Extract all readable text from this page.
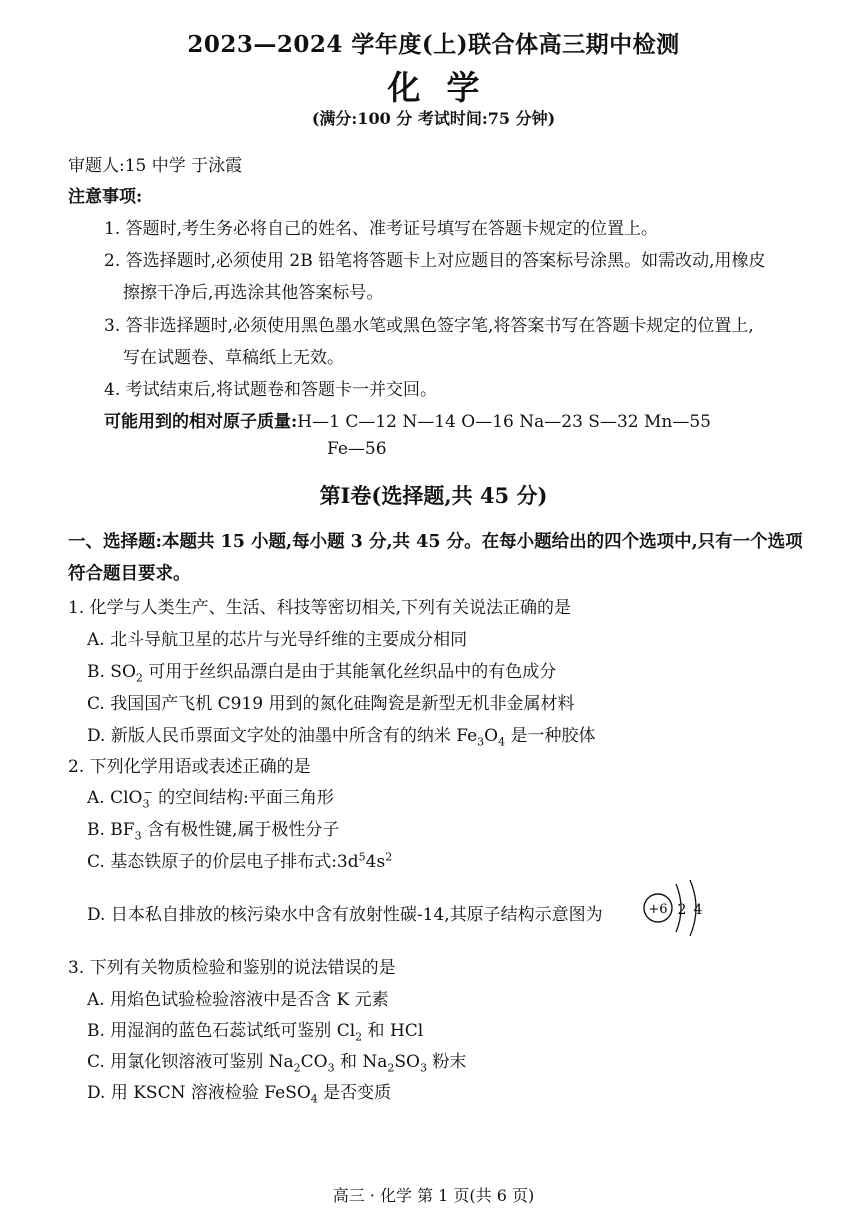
2023—2024 学年度(上)联合体高三期中检测
化学
(满分:100 分 考试时间:75 分钟)
审题人:15 中学 于泳霞
注意事项:
1. 答题时,考生务必将自己的姓名、准考证号填写在答题卡规定的位置上。
2. 答选择题时,必须使用 2B 铅笔将答题卡上对应题目的答案标号涂黑。如需改动,用橡皮
擦擦干净后,再选涂其他答案标号。
3. 答非选择题时,必须使用黑色墨水笔或黑色签字笔,将答案书写在答题卡规定的位置上,
写在试题卷、草稿纸上无效。
4. 考试结束后,将试题卷和答题卡一并交回。
可能用到的相对原子质量:H—1 C—12 N—14 O—16 Na—23 S—32 Mn—55
Fe—56
第Ⅰ卷(选择题,共 45 分)
一、选择题:本题共 15 小题,每小题 3 分,共 45 分。在每小题给出的四个选项中,只有一个选项
符合题目要求。
1. 化学与人类生产、生活、科技等密切相关,下列有关说法正确的是
A. 北斗导航卫星的芯片与光导纤维的主要成分相同
B. $SO_2$ 可用于丝织品漂白是由于其能氧化丝织品中的有色成分
C. 我国国产飞机 C919 用到的氮化硅陶瓷是新型无机非金属材料
D. 新版人民币票面文字处的油墨中所含有的纳米 $Fe_3O_4$ 是一种胶体
2. 下列化学用语或表述正确的是
A. ClO$_3$− 的空间结构:平面三角形
B. $BF_3$ 含有极性键,属于极性分子
C. 基态铁原子的价层电子排布式$:3d^54s^2$
D. 日本私自排放的核污染水中含有放射性碳-14,其原子结构示意图为	+6 2 4
3. 下列有关物质检验和鉴别的说法错误的是
A. 用焰色试验检验溶液中是否含 K 元素
B. 用湿润的蓝色石蕊试纸可鉴别 $Cl_2$ 和 HCl
C. 用氯化钡溶液可鉴别 $Na_2CO_3$ 和 $Na_2SO_3$ 粉末
D. 用 KSCN 溶液检验 FeSO$_4$ 是否变质
高三 · 化学 第 1 页(共 6 页)
